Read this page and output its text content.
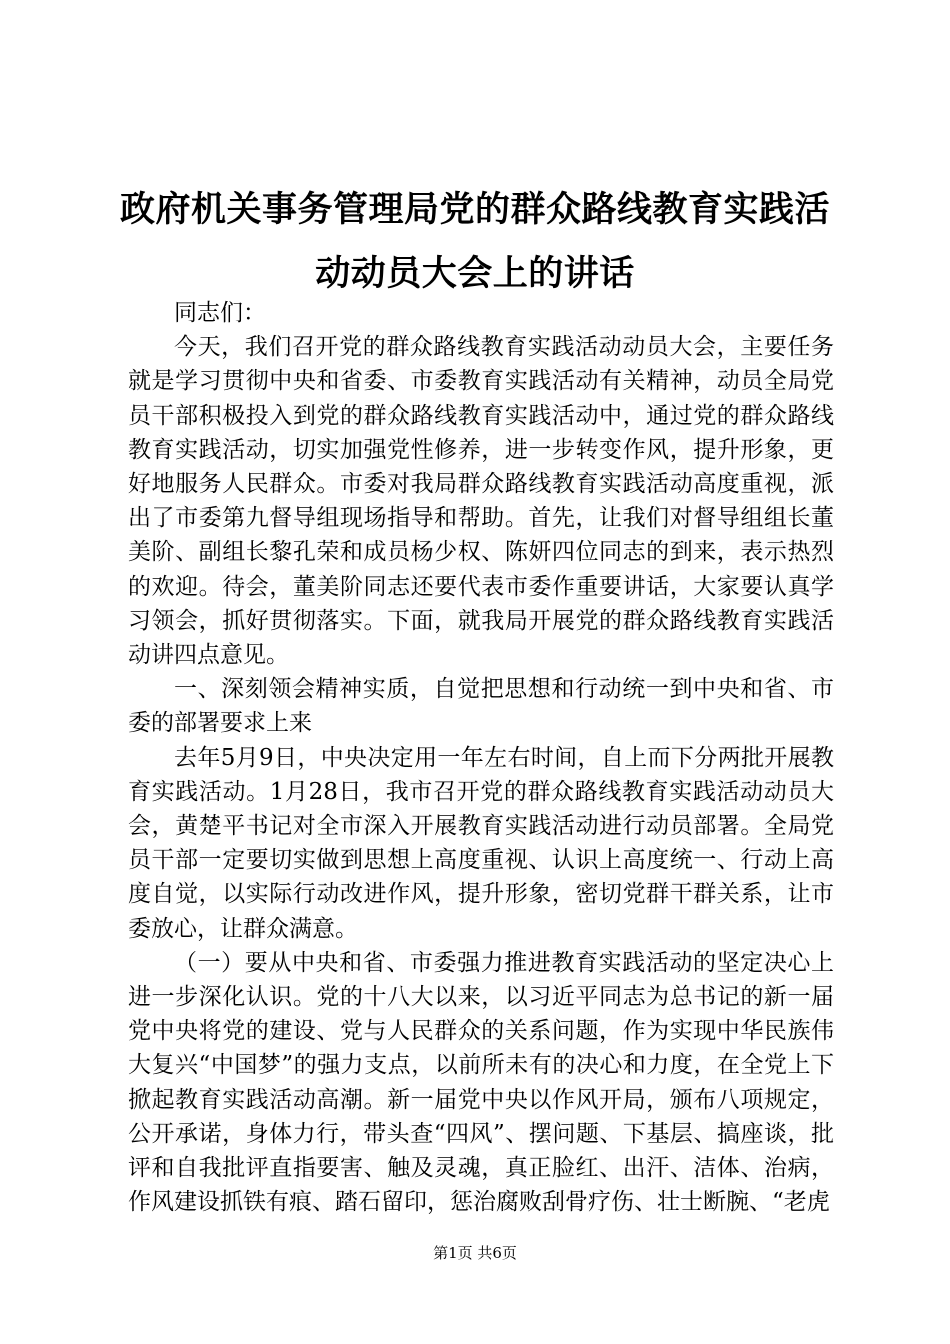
政府机关事务管理局党的群众路线教育实践活
动动员大会上的讲话

同志们：

今天，我们召开党的群众路线教育实践活动动员大会，主要任务就是学习贯彻中央和省委、市委教育实践活动有关精神，动员全局党员干部积极投入到党的群众路线教育实践活动中，通过党的群众路线教育实践活动，切实加强党性修养，进一步转变作风，提升形象，更好地服务人民群众。市委对我局群众路线教育实践活动高度重视，派出了市委第九督导组现场指导和帮助。首先，让我们对督导组组长董美阶、副组长黎孔荣和成员杨少权、陈妍四位同志的到来，表示热烈的欢迎。待会，董美阶同志还要代表市委作重要讲话，大家要认真学习领会，抓好贯彻落实。下面，就我局开展党的群众路线教育实践活动讲四点意见。

一、深刻领会精神实质，自觉把思想和行动统一到中央和省、市委的部署要求上来

去年5月9日，中央决定用一年左右时间，自上而下分两批开展教育实践活动。1月28日，我市召开党的群众路线教育实践活动动员大会，黄楚平书记对全市深入开展教育实践活动进行动员部署。全局党员干部一定要切实做到思想上高度重视、认识上高度统一、行动上高度自觉，以实际行动改进作风，提升形象，密切党群干群关系，让市委放心，让群众满意。

（一）要从中央和省、市委强力推进教育实践活动的坚定决心上进一步深化认识。党的十八大以来，以习近平同志为总书记的新一届党中央将党的建设、党与人民群众的关系问题，作为实现中华民族伟大复兴“中国梦”的强力支点，以前所未有的决心和力度，在全党上下掀起教育实践活动高潮。新一届党中央以作风开局，颁布八项规定，公开承诺，身体力行，带头查“四风”、摆问题、下基层、搞座谈，批评和自我批评直指要害、触及灵魂，真正脸红、出汗、洁体、治病，作风建设抓铁有痕、踏石留印，惩治腐败刮骨疗伤、壮士断腕、“老虎

第1页 共6页
